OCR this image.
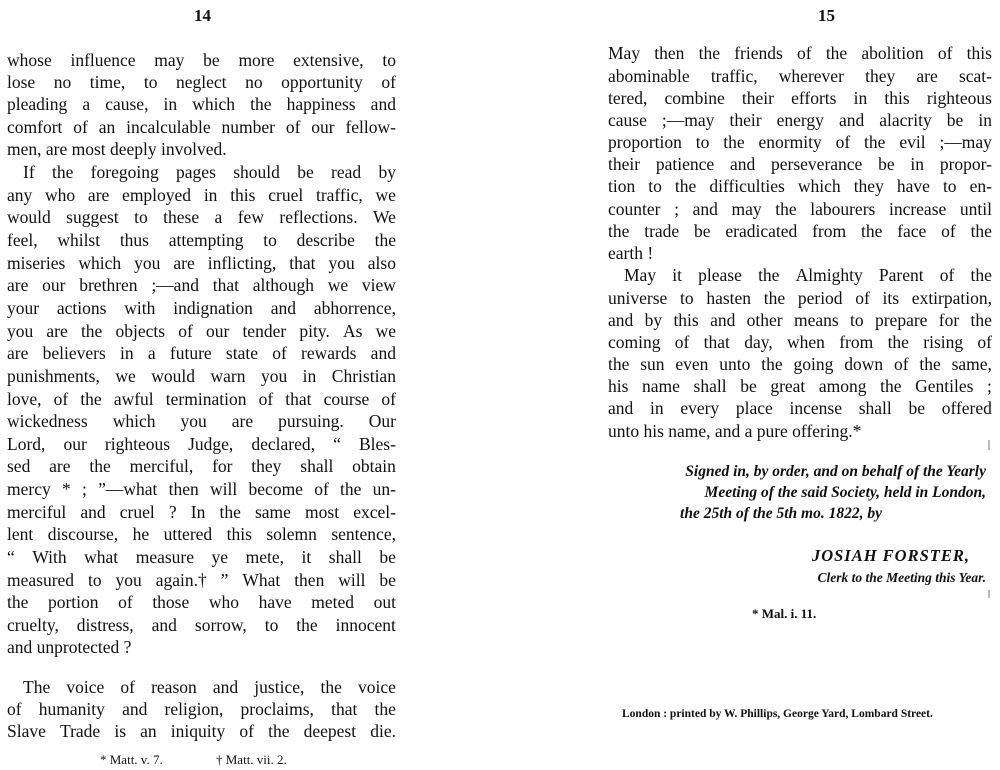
14
whose influence may be more extensive, to
lose no time, to neglect no opportunity of
pleading a cause, in which the happiness and
comfort of an incalculable number of our fellow-
men, are most deeply involved.
If the foregoing pages should be read by
any who are employed in this cruel traffic, we
would suggest to these a few reflections. We
feel, whilst thus attempting to describe the
miseries which you are inflicting, that you also
are our brethren ;—and that although we view
your actions with indignation and abhorrence,
you are the objects of our tender pity. As we
are believers in a future state of rewards and
punishments, we would warn you in Christian
love, of the awful termination of that course of
wickedness which you are pursuing. Our
Lord, our righteous Judge, declared, “ Bles-
sed are the merciful, for they shall obtain
mercy * ; ”—what then will become of the un-
merciful and cruel ? In the same most excel-
lent discourse, he uttered this solemn sentence,
“ With what measure ye mete, it shall be
measured to you again.† ” What then will be
the portion of those who have meted out
cruelty, distress, and sorrow, to the innocent
and unprotected ?
The voice of reason and justice, the voice
of humanity and religion, proclaims, that the
Slave Trade is an iniquity of the deepest die.
* Matt. v. 7.	† Matt. vii. 2.
15
May then the friends of the abolition of this
abominable traffic, wherever they are scat-
tered, combine their efforts in this righteous
cause ;—may their energy and alacrity be in
proportion to the enormity of the evil ;—may
their patience and perseverance be in propor-
tion to the difficulties which they have to en-
counter ; and may the labourers increase until
the trade be eradicated from the face of the
earth !
May it please the Almighty Parent of the
universe to hasten the period of its extirpation,
and by this and other means to prepare for the
coming of that day, when from the rising of
the sun even unto the going down of the same,
his name shall be great among the Gentiles ;
and in every place incense shall be offered
unto his name, and a pure offering.*
Signed in, by order, and on behalf of the Yearly
Meeting of the said Society, held in London,
the 25th of the 5th mo. 1822, by
JOSIAH FORSTER,
Clerk to the Meeting this Year.
* Mal. i. 11.
London : printed by W. Phillips, George Yard, Lombard Street.
